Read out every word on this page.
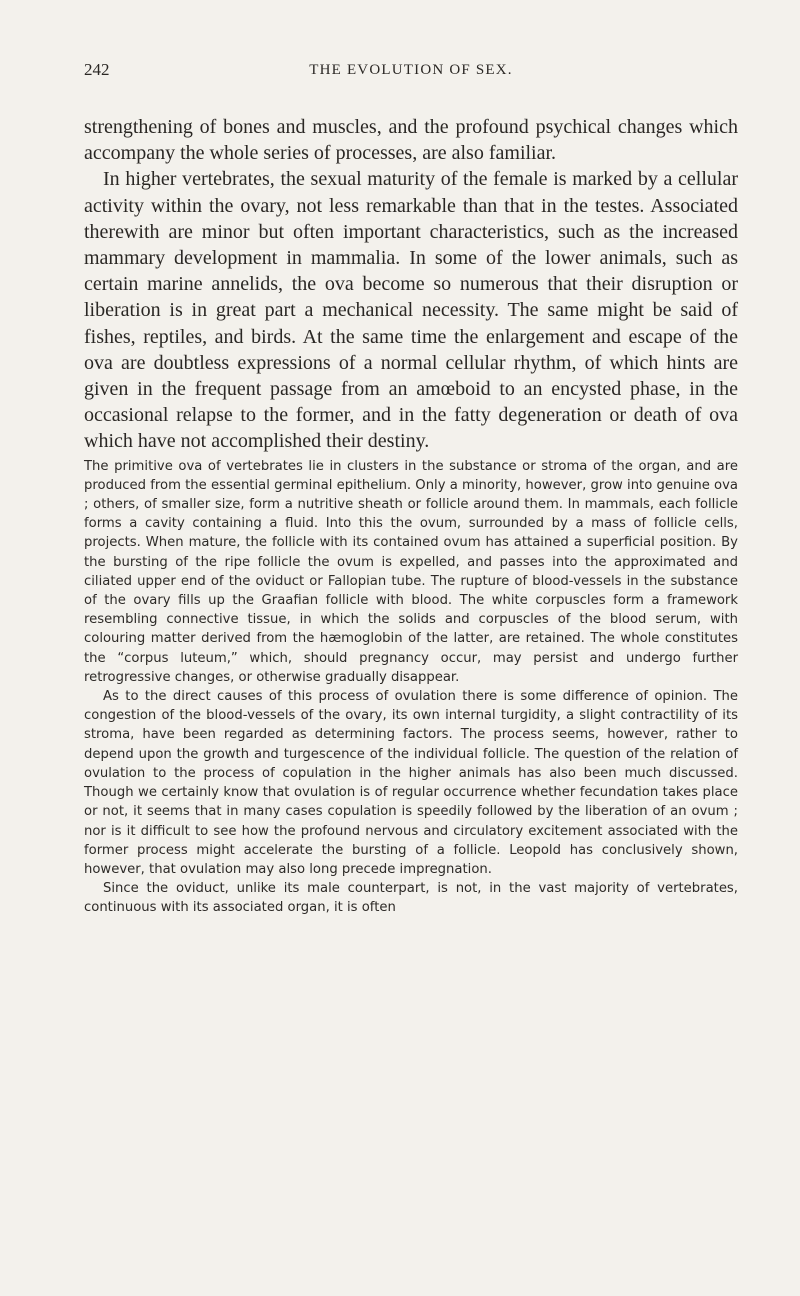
242	THE EVOLUTION OF SEX.

strengthening of bones and muscles, and the profound psychical changes which accompany the whole series of processes, are also familiar.

In higher vertebrates, the sexual maturity of the female is marked by a cellular activity within the ovary, not less remarkable than that in the testes. Associated therewith are minor but often important characteristics, such as the increased mammary development in mammalia. In some of the lower animals, such as certain marine annelids, the ova become so numerous that their disruption or liberation is in great part a mechanical necessity. The same might be said of fishes, reptiles, and birds. At the same time the enlargement and escape of the ova are doubtless expressions of a normal cellular rhythm, of which hints are given in the frequent passage from an amœboid to an encysted phase, in the occasional relapse to the former, and in the fatty degeneration or death of ova which have not accomplished their destiny.

The primitive ova of vertebrates lie in clusters in the substance or stroma of the organ, and are produced from the essential germinal epithelium. Only a minority, however, grow into genuine ova ; others, of smaller size, form a nutritive sheath or follicle around them. In mammals, each follicle forms a cavity containing a fluid. Into this the ovum, surrounded by a mass of follicle cells, projects. When mature, the follicle with its contained ovum has attained a superficial position. By the bursting of the ripe follicle the ovum is expelled, and passes into the approximated and ciliated upper end of the oviduct or Fallopian tube. The rupture of blood-vessels in the substance of the ovary fills up the Graafian follicle with blood. The white corpuscles form a framework resembling connective tissue, in which the solids and corpuscles of the blood serum, with colouring matter derived from the hæmoglobin of the latter, are retained. The whole constitutes the “corpus luteum,” which, should pregnancy occur, may persist and undergo further retrogressive changes, or otherwise gradually disappear.

As to the direct causes of this process of ovulation there is some difference of opinion. The congestion of the blood-vessels of the ovary, its own internal turgidity, a slight contractility of its stroma, have been regarded as determining factors. The process seems, however, rather to depend upon the growth and turgescence of the individual follicle. The question of the relation of ovulation to the process of copulation in the higher animals has also been much discussed. Though we certainly know that ovulation is of regular occurrence whether fecundation takes place or not, it seems that in many cases copulation is speedily followed by the liberation of an ovum ; nor is it difficult to see how the profound nervous and circulatory excitement associated with the former process might accelerate the bursting of a follicle. Leopold has conclusively shown, however, that ovulation may also long precede impregnation.

Since the oviduct, unlike its male counterpart, is not, in the vast majority of vertebrates, continuous with its associated organ, it is often
